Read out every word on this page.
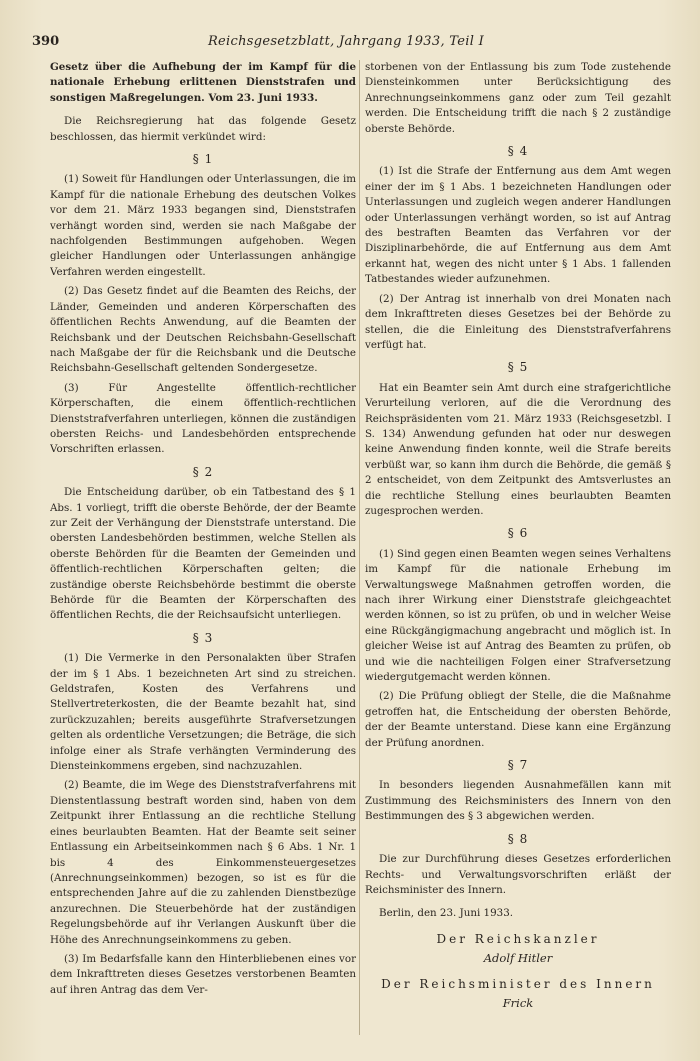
390	Reichsgesetzblatt, Jahrgang 1933, Teil I
Gesetz über die Aufhebung der im Kampf für die nationale Erhebung erlittenen Dienststrafen und sonstigen Maßregelungen. Vom 23. Juni 1933.

Die Reichsregierung hat das folgende Gesetz beschlossen, das hiermit verkündet wird:

§ 1

(1) Soweit für Handlungen oder Unterlassungen, die im Kampf für die nationale Erhebung des deutschen Volkes vor dem 21. März 1933 begangen sind, Dienststrafen verhängt worden sind, werden sie nach Maßgabe der nachfolgenden Bestimmungen aufgehoben. Wegen gleicher Handlungen oder Unterlassungen anhängige Verfahren werden eingestellt.

(2) Das Gesetz findet auf die Beamten des Reichs, der Länder, Gemeinden und anderen Körperschaften des öffentlichen Rechts Anwendung, auf die Beamten der Reichsbank und der Deutschen Reichsbahn-Gesellschaft nach Maßgabe der für die Reichsbank und die Deutsche Reichsbahn-Gesellschaft geltenden Sondergesetze.

(3) Für Angestellte öffentlich-rechtlicher Körperschaften, die einem öffentlich-rechtlichen Dienststrafverfahren unterliegen, können die zuständigen obersten Reichs- und Landesbehörden entsprechende Vorschriften erlassen.

§ 2

Die Entscheidung darüber, ob ein Tatbestand des § 1 Abs. 1 vorliegt, trifft die oberste Behörde, der der Beamte zur Zeit der Verhängung der Dienststrafe unterstand. Die obersten Landesbehörden bestimmen, welche Stellen als oberste Behörden für die Beamten der Gemeinden und öffentlich-rechtlichen Körperschaften gelten; die zuständige oberste Reichsbehörde bestimmt die oberste Behörde für die Beamten der Körperschaften des öffentlichen Rechts, die der Reichsaufsicht unterliegen.

§ 3

(1) Die Vermerke in den Personalakten über Strafen der im § 1 Abs. 1 bezeichneten Art sind zu streichen. Geldstrafen, Kosten des Verfahrens und Stellvertreterkosten, die der Beamte bezahlt hat, sind zurückzuzahlen; bereits ausgeführte Strafversetzungen gelten als ordentliche Versetzungen; die Beträge, die sich infolge einer als Strafe verhängten Verminderung des Diensteinkommens ergeben, sind nachzuzahlen.

(2) Beamte, die im Wege des Dienststrafverfahrens mit Dienstentlassung bestraft worden sind, haben von dem Zeitpunkt ihrer Entlassung an die rechtliche Stellung eines beurlaubten Beamten. Hat der Beamte seit seiner Entlassung ein Arbeitseinkommen nach § 6 Abs. 1 Nr. 1 bis 4 des Einkommensteuergesetzes (Anrechnungseinkommen) bezogen, so ist es für die entsprechenden Jahre auf die zu zahlenden Dienstbezüge anzurechnen. Die Steuerbehörde hat der zuständigen Regelungsbehörde auf ihr Verlangen Auskunft über die Höhe des Anrechnungseinkommens zu geben.

(3) Im Bedarfsfalle kann den Hinterbliebenen eines vor dem Inkrafttreten dieses Gesetzes verstorbenen Beamten auf ihren Antrag das dem Ver-

storbenen von der Entlassung bis zum Tode zustehende Diensteinkommen unter Berücksichtigung des Anrechnungseinkommens ganz oder zum Teil gezahlt werden. Die Entscheidung trifft die nach § 2 zuständige oberste Behörde.

§ 4

(1) Ist die Strafe der Entfernung aus dem Amt wegen einer der im § 1 Abs. 1 bezeichneten Handlungen oder Unterlassungen und zugleich wegen anderer Handlungen oder Unterlassungen verhängt worden, so ist auf Antrag des bestraften Beamten das Verfahren vor der Disziplinarbehörde, die auf Entfernung aus dem Amt erkannt hat, wegen des nicht unter § 1 Abs. 1 fallenden Tatbestandes wieder aufzunehmen.

(2) Der Antrag ist innerhalb von drei Monaten nach dem Inkrafttreten dieses Gesetzes bei der Behörde zu stellen, die die Einleitung des Dienststrafverfahrens verfügt hat.

§ 5

Hat ein Beamter sein Amt durch eine strafgerichtliche Verurteilung verloren, auf die die Verordnung des Reichspräsidenten vom 21. März 1933 (Reichsgesetzbl. I S. 134) Anwendung gefunden hat oder nur deswegen keine Anwendung finden konnte, weil die Strafe bereits verbüßt war, so kann ihm durch die Behörde, die gemäß § 2 entscheidet, von dem Zeitpunkt des Amtsverlustes an die rechtliche Stellung eines beurlaubten Beamten zugesprochen werden.

§ 6

(1) Sind gegen einen Beamten wegen seines Verhaltens im Kampf für die nationale Erhebung im Verwaltungswege Maßnahmen getroffen worden, die nach ihrer Wirkung einer Dienststrafe gleichgeachtet werden können, so ist zu prüfen, ob und in welcher Weise eine Rückgängigmachung angebracht und möglich ist. In gleicher Weise ist auf Antrag des Beamten zu prüfen, ob und wie die nachteiligen Folgen einer Strafversetzung wiedergutgemacht werden können.

(2) Die Prüfung obliegt der Stelle, die die Maßnahme getroffen hat, die Entscheidung der obersten Behörde, der der Beamte unterstand. Diese kann eine Ergänzung der Prüfung anordnen.

§ 7

In besonders liegenden Ausnahmefällen kann mit Zustimmung des Reichsministers des Innern von den Bestimmungen des § 3 abgewichen werden.

§ 8

Die zur Durchführung dieses Gesetzes erforderlichen Rechts- und Verwaltungsvorschriften erläßt der Reichsminister des Innern.

Berlin, den 23. Juni 1933.

Der Reichskanzler
Adolf Hitler
Der Reichsminister des Innern
Frick
